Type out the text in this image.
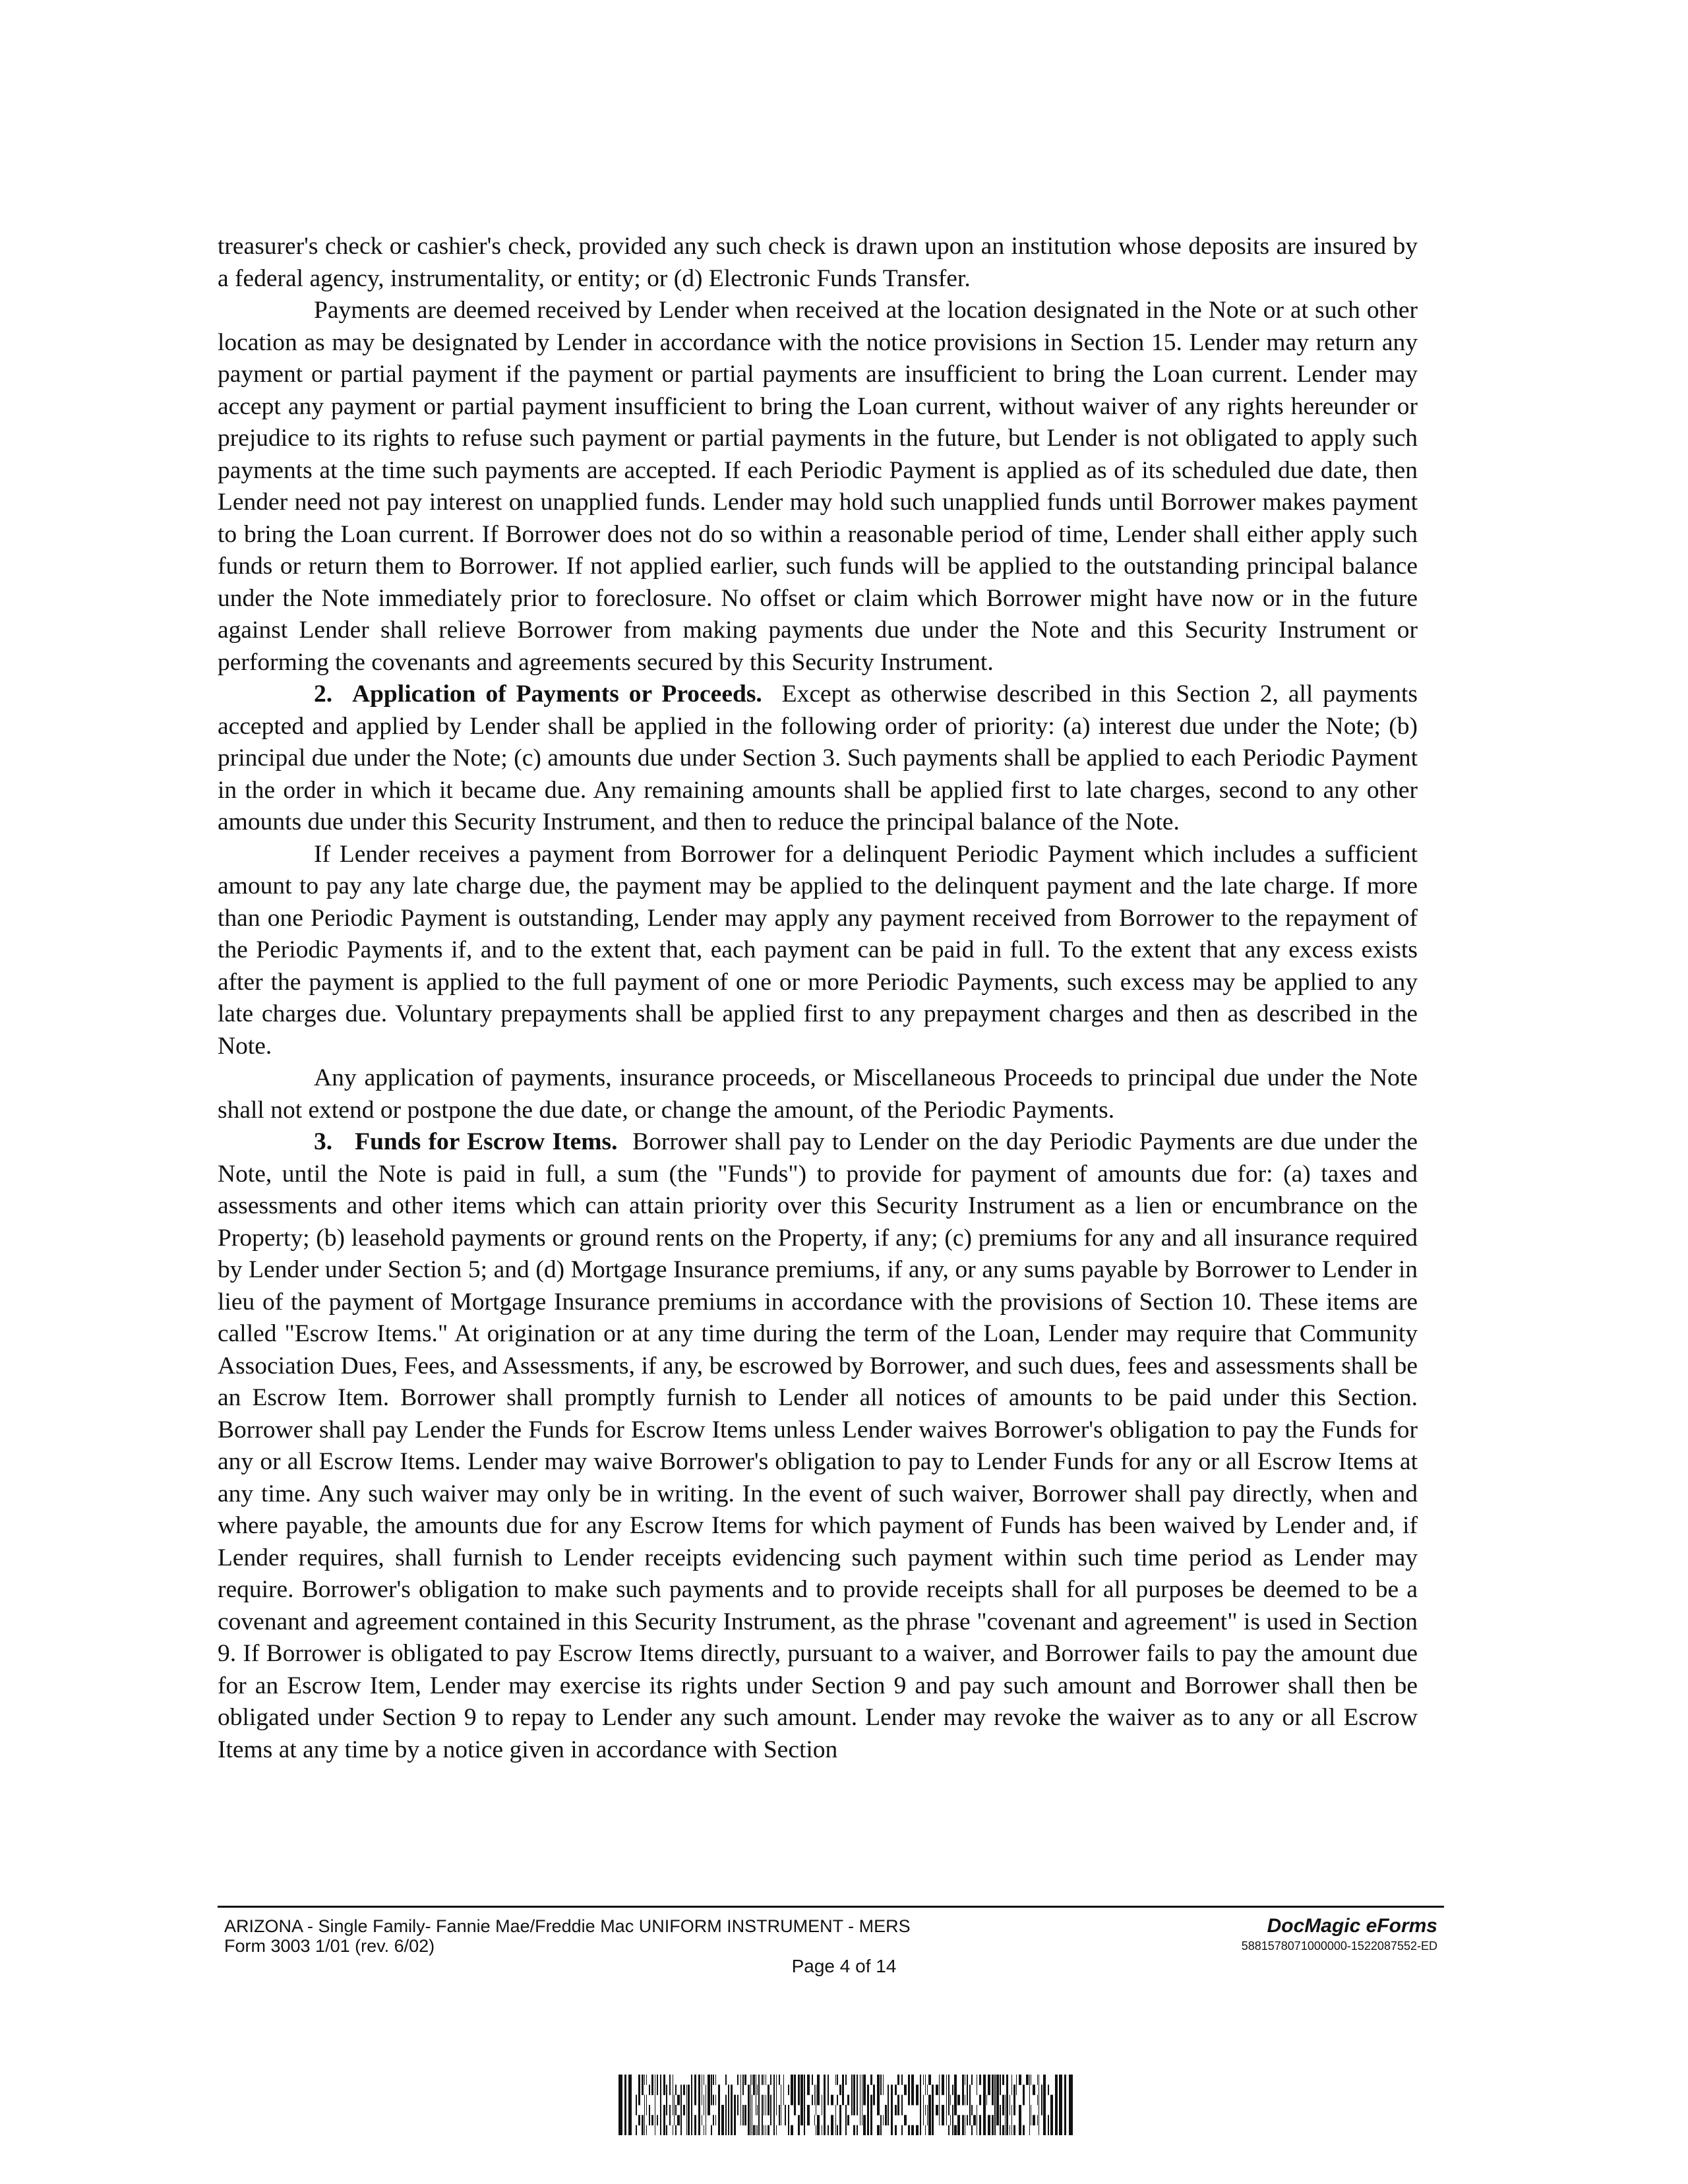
treasurer's check or cashier's check, provided any such check is drawn upon an institution whose deposits are insured by a federal agency, instrumentality, or entity; or (d) Electronic Funds Transfer.

Payments are deemed received by Lender when received at the location designated in the Note or at such other location as may be designated by Lender in accordance with the notice provisions in Section 15. Lender may return any payment or partial payment if the payment or partial payments are insufficient to bring the Loan current. Lender may accept any payment or partial payment insufficient to bring the Loan current, without waiver of any rights hereunder or prejudice to its rights to refuse such payment or partial payments in the future, but Lender is not obligated to apply such payments at the time such payments are accepted. If each Periodic Payment is applied as of its scheduled due date, then Lender need not pay interest on unapplied funds. Lender may hold such unapplied funds until Borrower makes payment to bring the Loan current. If Borrower does not do so within a reasonable period of time, Lender shall either apply such funds or return them to Borrower. If not applied earlier, such funds will be applied to the outstanding principal balance under the Note immediately prior to foreclosure. No offset or claim which Borrower might have now or in the future against Lender shall relieve Borrower from making payments due under the Note and this Security Instrument or performing the covenants and agreements secured by this Security Instrument.

2. Application of Payments or Proceeds. Except as otherwise described in this Section 2, all payments accepted and applied by Lender shall be applied in the following order of priority: (a) interest due under the Note; (b) principal due under the Note; (c) amounts due under Section 3. Such payments shall be applied to each Periodic Payment in the order in which it became due. Any remaining amounts shall be applied first to late charges, second to any other amounts due under this Security Instrument, and then to reduce the principal balance of the Note.

If Lender receives a payment from Borrower for a delinquent Periodic Payment which includes a sufficient amount to pay any late charge due, the payment may be applied to the delinquent payment and the late charge. If more than one Periodic Payment is outstanding, Lender may apply any payment received from Borrower to the repayment of the Periodic Payments if, and to the extent that, each payment can be paid in full. To the extent that any excess exists after the payment is applied to the full payment of one or more Periodic Payments, such excess may be applied to any late charges due. Voluntary prepayments shall be applied first to any prepayment charges and then as described in the Note.

Any application of payments, insurance proceeds, or Miscellaneous Proceeds to principal due under the Note shall not extend or postpone the due date, or change the amount, of the Periodic Payments.

3. Funds for Escrow Items. Borrower shall pay to Lender on the day Periodic Payments are due under the Note, until the Note is paid in full, a sum (the "Funds") to provide for payment of amounts due for: (a) taxes and assessments and other items which can attain priority over this Security Instrument as a lien or encumbrance on the Property; (b) leasehold payments or ground rents on the Property, if any; (c) premiums for any and all insurance required by Lender under Section 5; and (d) Mortgage Insurance premiums, if any, or any sums payable by Borrower to Lender in lieu of the payment of Mortgage Insurance premiums in accordance with the provisions of Section 10. These items are called "Escrow Items." At origination or at any time during the term of the Loan, Lender may require that Community Association Dues, Fees, and Assessments, if any, be escrowed by Borrower, and such dues, fees and assessments shall be an Escrow Item. Borrower shall promptly furnish to Lender all notices of amounts to be paid under this Section. Borrower shall pay Lender the Funds for Escrow Items unless Lender waives Borrower's obligation to pay the Funds for any or all Escrow Items. Lender may waive Borrower's obligation to pay to Lender Funds for any or all Escrow Items at any time. Any such waiver may only be in writing. In the event of such waiver, Borrower shall pay directly, when and where payable, the amounts due for any Escrow Items for which payment of Funds has been waived by Lender and, if Lender requires, shall furnish to Lender receipts evidencing such payment within such time period as Lender may require. Borrower's obligation to make such payments and to provide receipts shall for all purposes be deemed to be a covenant and agreement contained in this Security Instrument, as the phrase "covenant and agreement" is used in Section 9. If Borrower is obligated to pay Escrow Items directly, pursuant to a waiver, and Borrower fails to pay the amount due for an Escrow Item, Lender may exercise its rights under Section 9 and pay such amount and Borrower shall then be obligated under Section 9 to repay to Lender any such amount. Lender may revoke the waiver as to any or all Escrow Items at any time by a notice given in accordance with Section

ARIZONA - Single Family- Fannie Mae/Freddie Mac UNIFORM INSTRUMENT - MERS
Form 3003 1/01 (rev. 6/02)
DocMagic eForms
5881578071000000-1522087552-ED
Page 4 of 14
